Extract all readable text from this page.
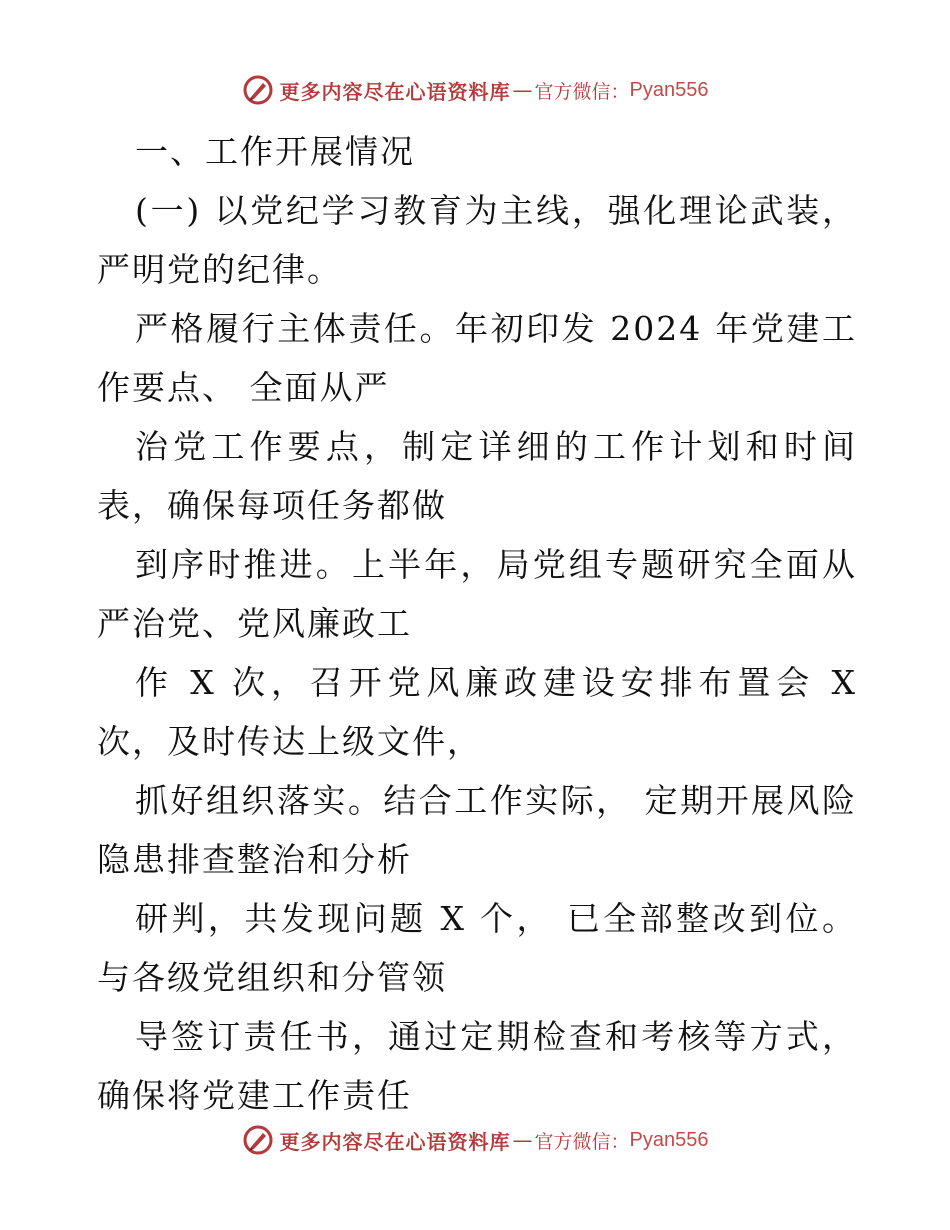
更多内容尽在心语资料库 — 官方微信： Pyan556

一、工作开展情况

(一) 以党纪学习教育为主线，强化理论武装，严明党的纪律。

严格履行主体责任。年初印发 2024 年党建工作要点、 全面从严

治党工作要点，制定详细的工作计划和时间表，确保每项任务都做

到序时推进。上半年，局党组专题研究全面从严治党、党风廉政工

作 X 次，召开党风廉政建设安排布置会 X 次，及时传达上级文件，

抓好组织落实。结合工作实际， 定期开展风险隐患排查整治和分析

研判，共发现问题 X 个， 已全部整改到位。与各级党组织和分管领

导签订责任书，通过定期检查和考核等方式，确保将党建工作责任

更多内容尽在心语资料库 — 官方微信： Pyan556
